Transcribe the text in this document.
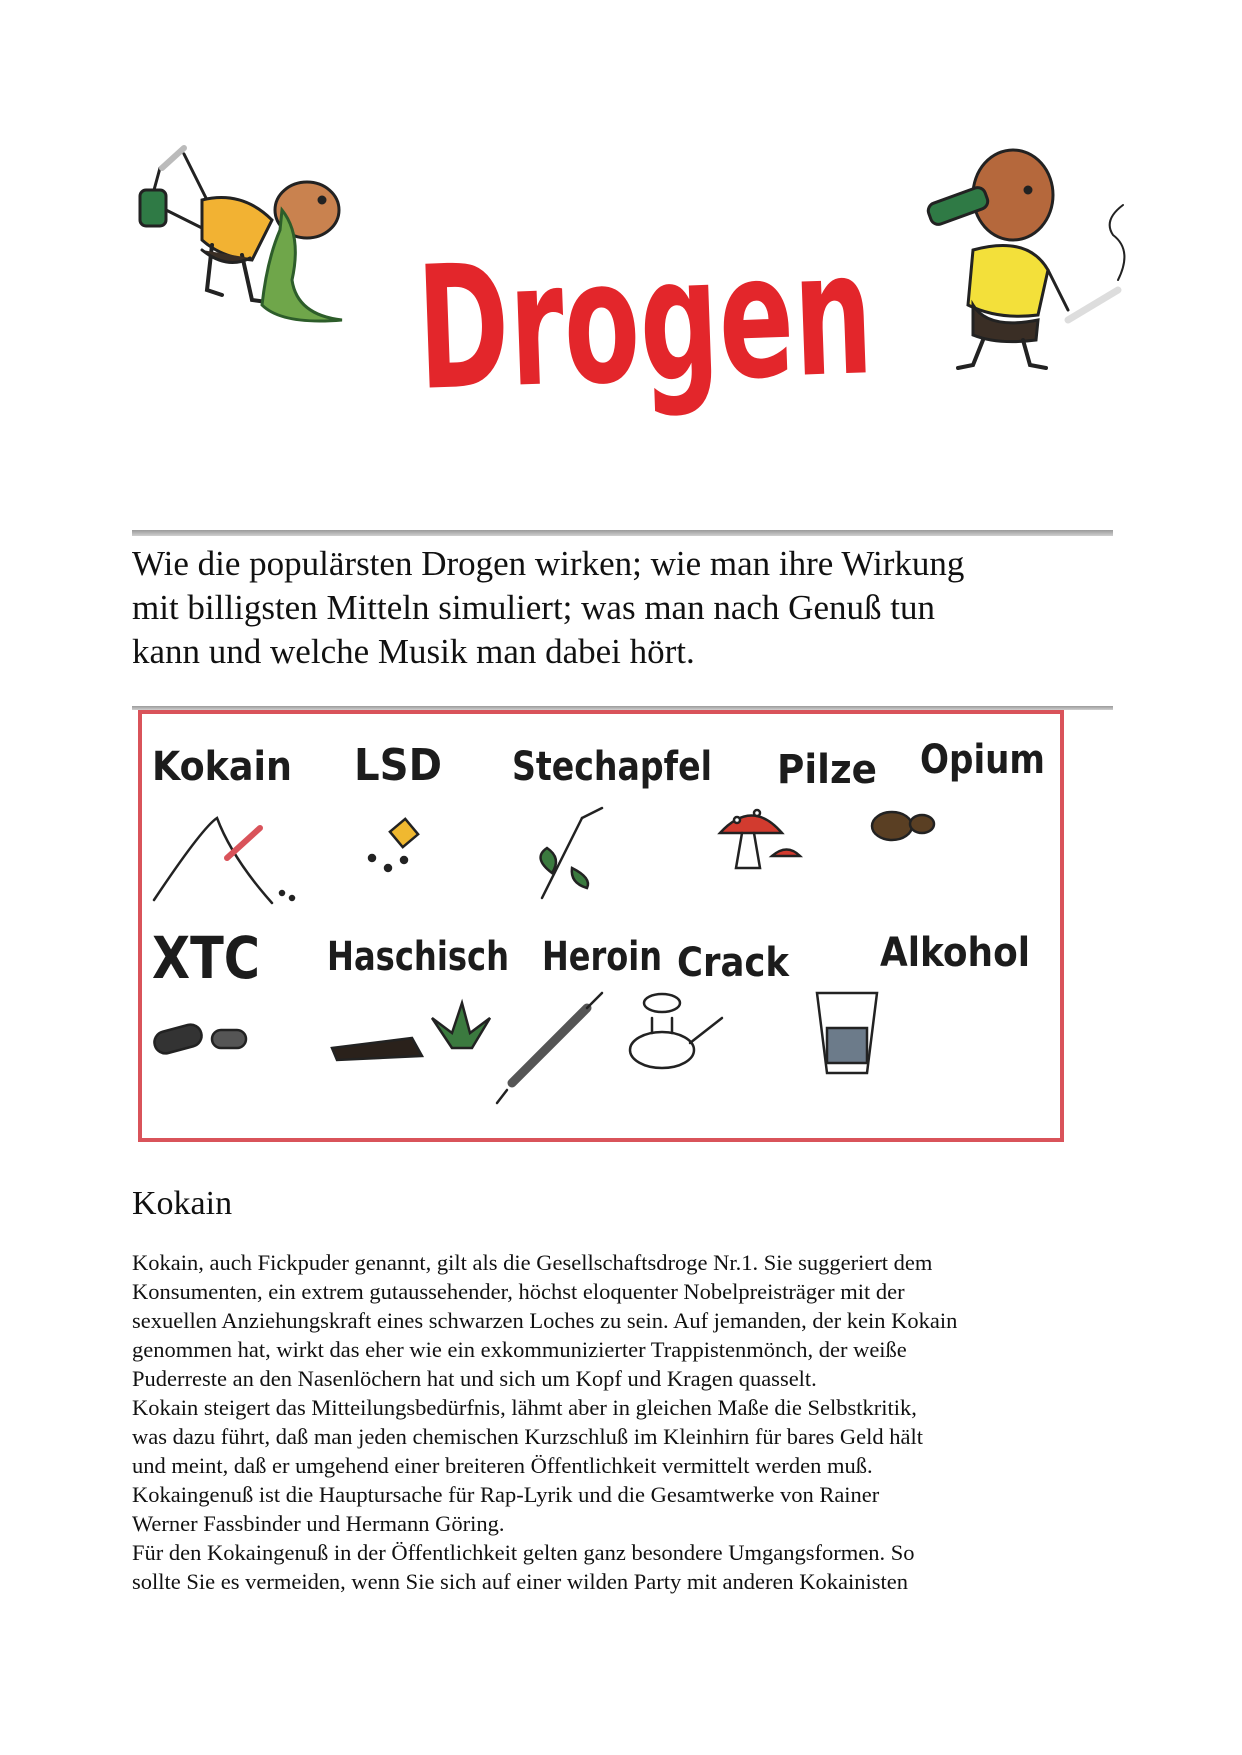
Drogen
Wie die populärsten Drogen wirken; wie man ihre Wirkung
mit billigsten Mitteln simuliert; was man nach Genuß tun
kann und welche Musik man dabei hört.
Kokain LSD Stechapfel Pilze Opium
XTC Haschisch Heroin Crack Alkohol
Kokain

Kokain, auch Fickpuder genannt, gilt als die Gesellschaftsdroge Nr.1. Sie suggeriert dem
Konsumenten, ein extrem gutaussehender, höchst eloquenter Nobelpreisträger mit der
sexuellen Anziehungskraft eines schwarzen Loches zu sein. Auf jemanden, der kein Kokain
genommen hat, wirkt das eher wie ein exkommunizierter Trappistenmönch, der weiße
Puderreste an den Nasenlöchern hat und sich um Kopf und Kragen quasselt.
Kokain steigert das Mitteilungsbedürfnis, lähmt aber in gleichen Maße die Selbstkritik,
was dazu führt, daß man jeden chemischen Kurzschluß im Kleinhirn für bares Geld hält
und meint, daß er umgehend einer breiteren Öffentlichkeit vermittelt werden muß.
Kokaingenuß ist die Hauptursache für Rap-Lyrik und die Gesamtwerke von Rainer
Werner Fassbinder und Hermann Göring.
Für den Kokaingenuß in der Öffentlichkeit gelten ganz besondere Umgangsformen. So
sollte Sie es vermeiden, wenn Sie sich auf einer wilden Party mit anderen Kokainisten
